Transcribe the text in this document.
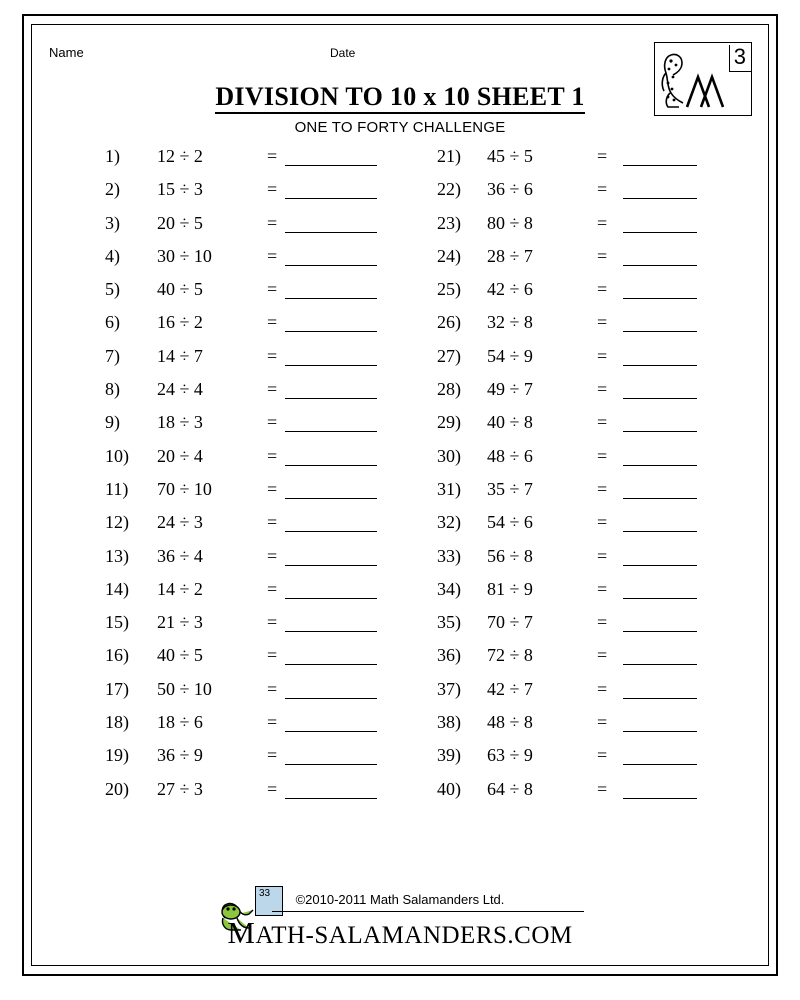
Name	Date	3
DIVISION TO 10 x 10 SHEET 1
ONE TO FORTY CHALLENGE
1)	12 ÷ 2	=
2)	15 ÷ 3	=
3)	20 ÷ 5	=
4)	30 ÷ 10	=
5)	40 ÷ 5	=
6)	16 ÷ 2	=
7)	14 ÷ 7	=
8)	24 ÷ 4	=
9)	18 ÷ 3	=
10)	20 ÷ 4	=
11)	70 ÷ 10	=
12)	24 ÷ 3	=
13)	36 ÷ 4	=
14)	14 ÷ 2	=
15)	21 ÷ 3	=
16)	40 ÷ 5	=
17)	50 ÷ 10	=
18)	18 ÷ 6	=
19)	36 ÷ 9	=
20)	27 ÷ 3	=
21)	45 ÷ 5	=
22)	36 ÷ 6	=
23)	80 ÷ 8	=
24)	28 ÷ 7	=
25)	42 ÷ 6	=
26)	32 ÷ 8	=
27)	54 ÷ 9	=
28)	49 ÷ 7	=
29)	40 ÷ 8	=
30)	48 ÷ 6	=
31)	35 ÷ 7	=
32)	54 ÷ 6	=
33)	56 ÷ 8	=
34)	81 ÷ 9	=
35)	70 ÷ 7	=
36)	72 ÷ 8	=
37)	42 ÷ 7	=
38)	48 ÷ 8	=
39)	63 ÷ 9	=
40)	64 ÷ 8	=
33	©2010-2011 Math Salamanders Ltd.
MATH-SALAMANDERS.COM
